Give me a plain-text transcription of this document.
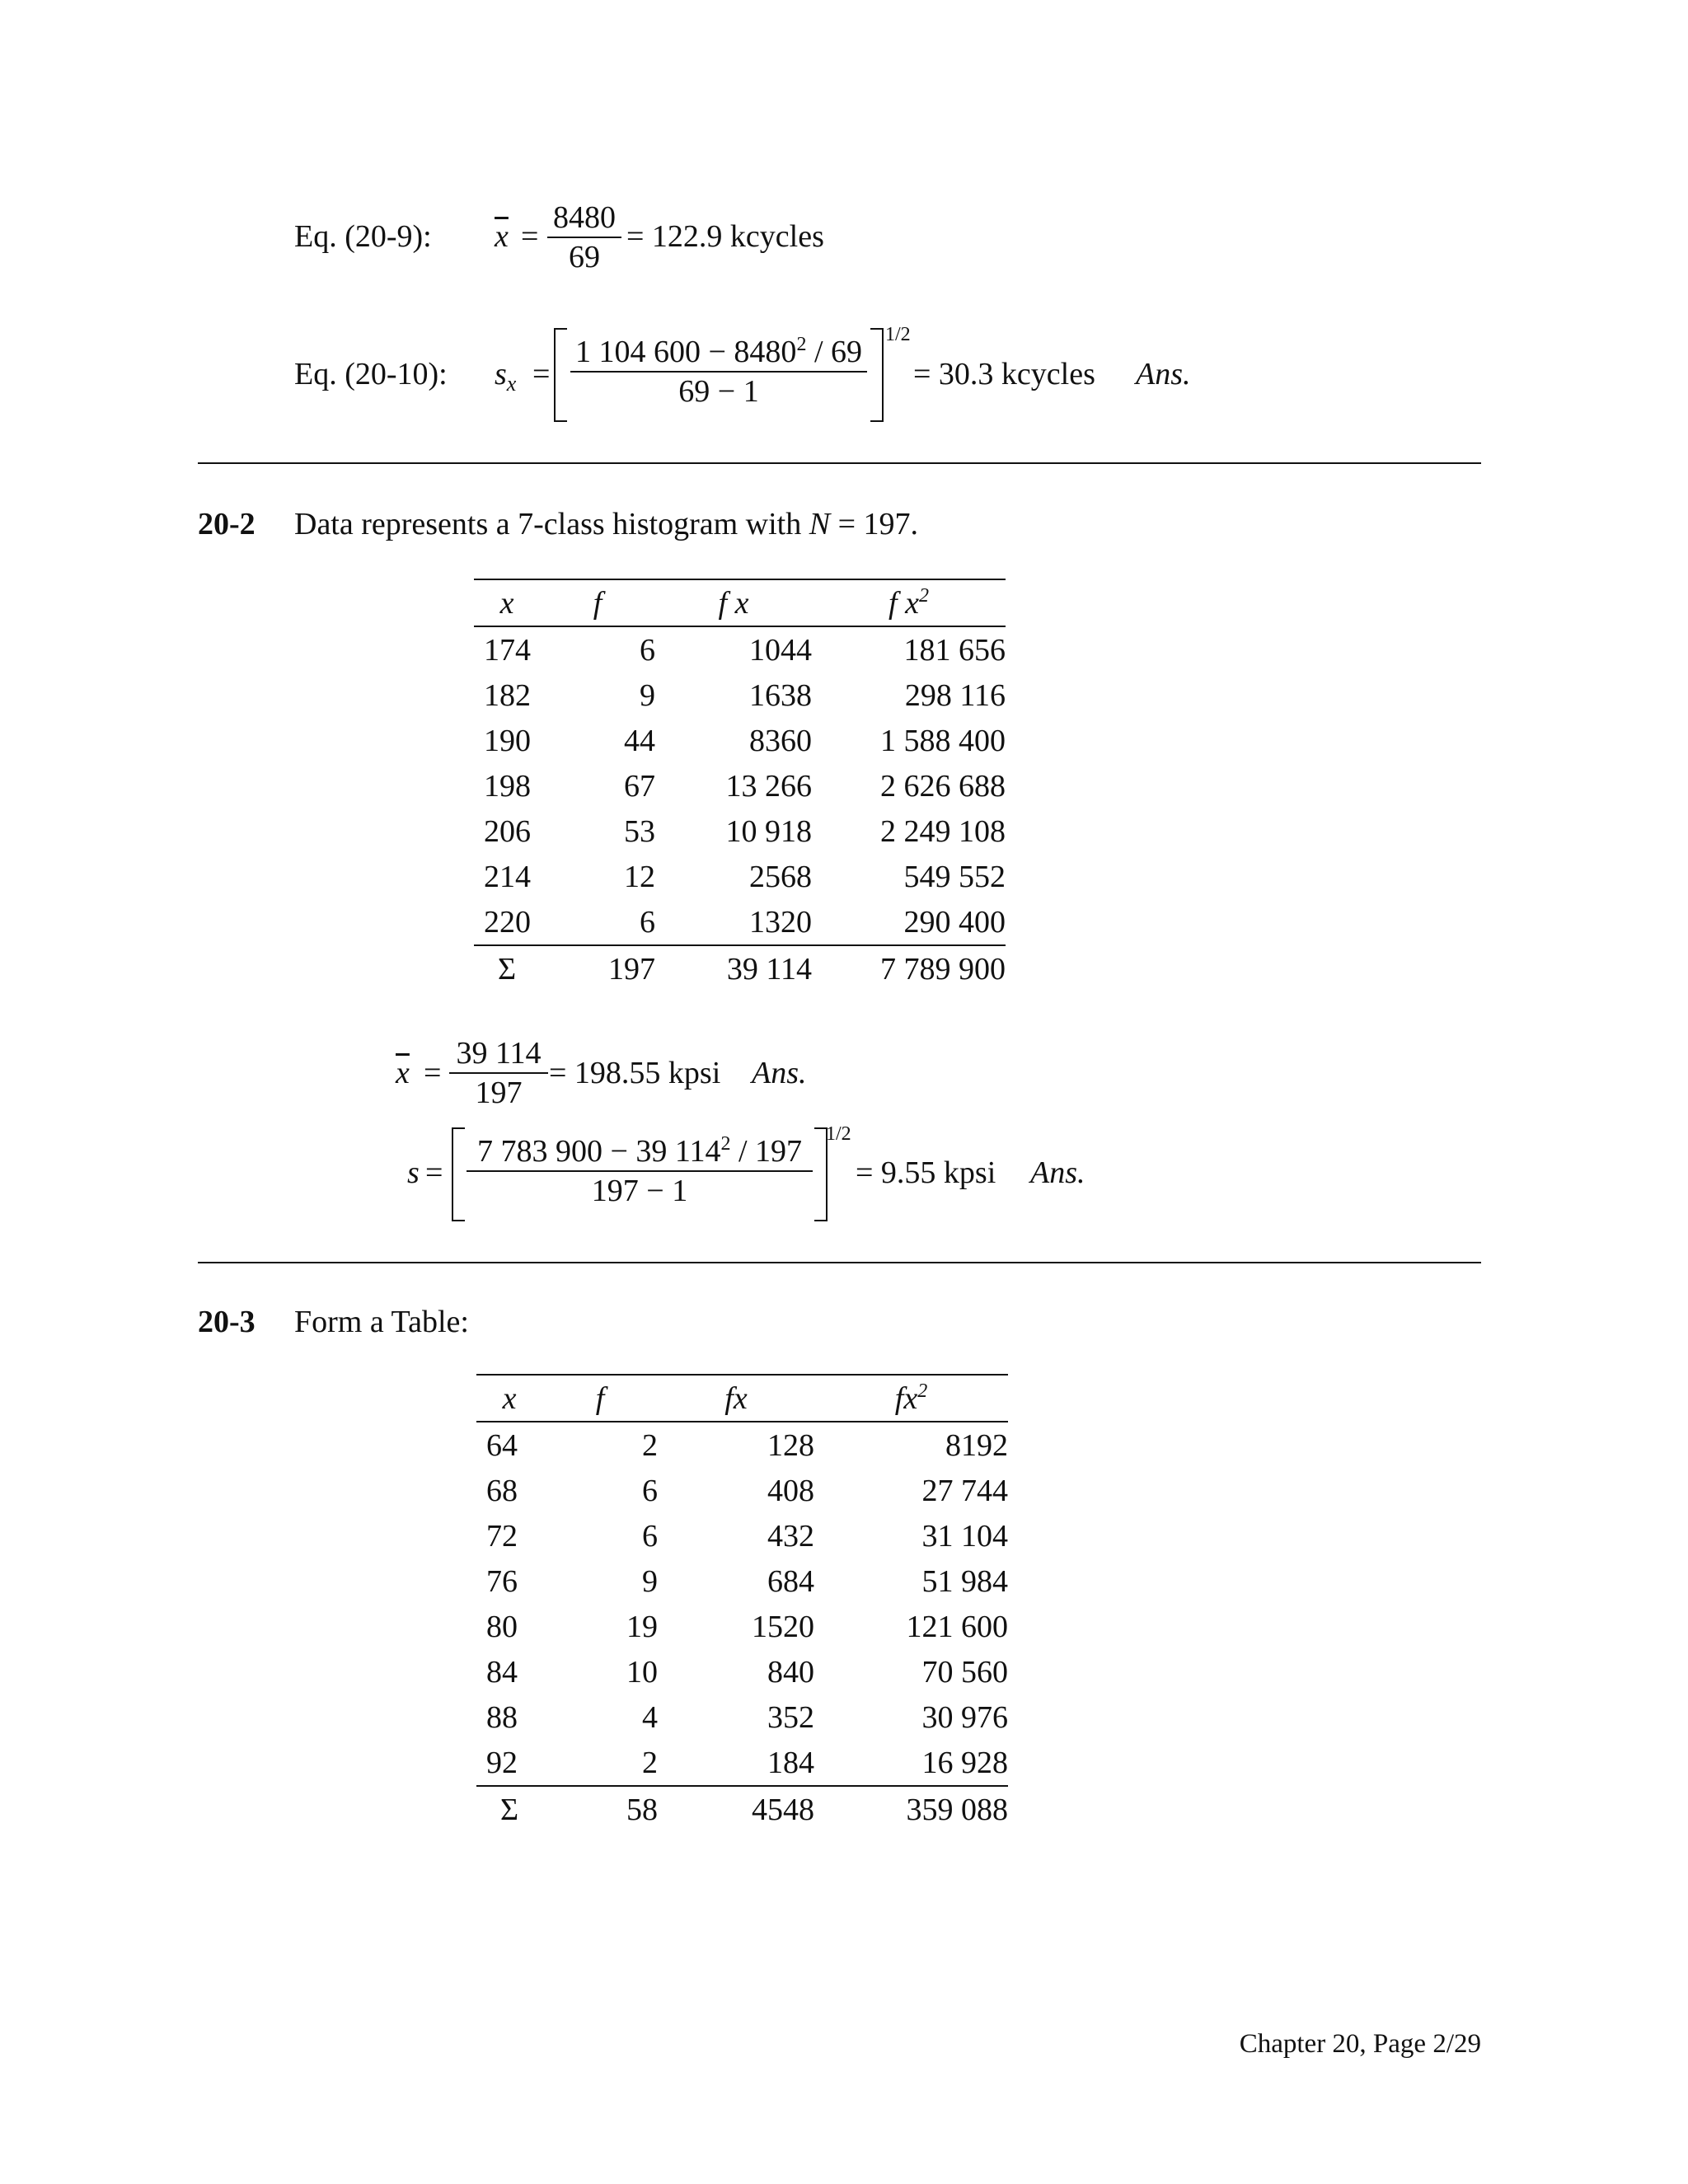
Eq. (20-9): $\overline{x}$ =
8480
69
= 122.9 kcycles
Eq. (20-10): $s_x$ =
1 104 $600 - 8480^2 / 69$
69 − 1
1/2
= 30.3 kcycles Ans.
20-2 Data represents a 7-class histogram with N = 197.
x	f	f x	f $x^2$
174	6	1044	181 656
182	9	1638	298 116
190	44	8360	1 588 400
198	67	13 266	2 626 688
206	53	10 918	2 249 108
214	12	2568	549 552
220	6	1320	290 400
Σ	197	39 114	7 789 900
$\overline{x}$ =
39 114
197
= 198.55 kpsi Ans.
s =
7 783 900 − 39 $114^2 / 197$
197 − 1
1/2
= 9.55 kpsi Ans.
20-3 Form a Table:
x	f	fx	$fx^2$
64	2	128	8192
68	6	408	27 744
72	6	432	31 104
76	9	684	51 984
80	19	1520	121 600
84	10	840	70 560
88	4	352	30 976
92	2	184	16 928
Σ	58	4548	359 088
Chapter 20, Page 2/29
